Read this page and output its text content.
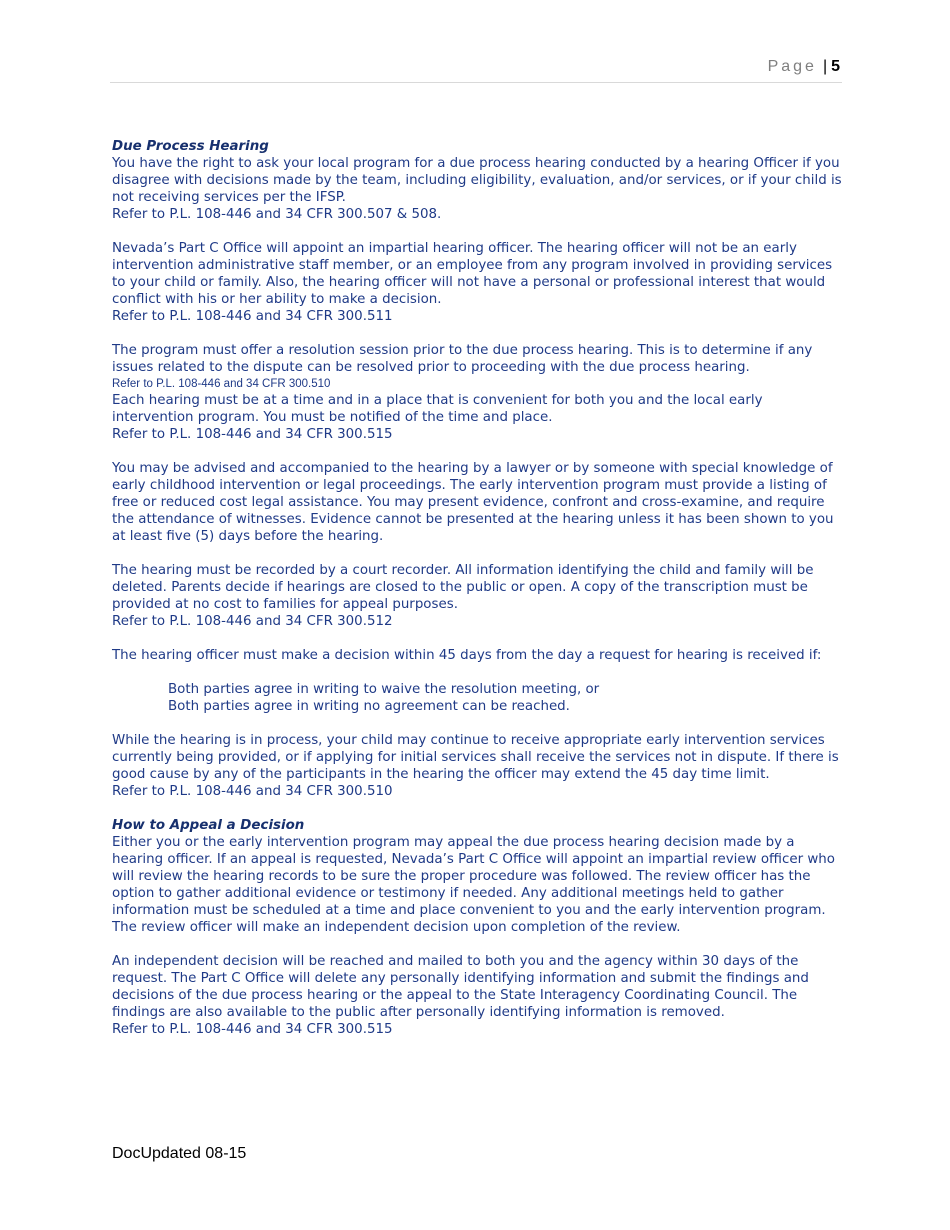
Page | 5

Due Process Hearing

You have the right to ask your local program for a due process hearing conducted by a hearing Officer if you disagree with decisions made by the team, including eligibility, evaluation, and/or services, or if your child is not receiving services per the IFSP.

Refer to P.L. 108-446 and 34 CFR 300.507 & 508.

Nevada’s Part C Office will appoint an impartial hearing officer. The hearing officer will not be an early intervention administrative staff member, or an employee from any program involved in providing services to your child or family. Also, the hearing officer will not have a personal or professional interest that would conflict with his or her ability to make a decision.

Refer to P.L. 108-446 and 34 CFR 300.511

The program must offer a resolution session prior to the due process hearing. This is to determine if any issues related to the dispute can be resolved prior to proceeding with the due process hearing.

Refer to P.L. 108-446 and 34 CFR 300.510

Each hearing must be at a time and in a place that is convenient for both you and the local early intervention program. You must be notified of the time and place.

Refer to P.L. 108-446 and 34 CFR 300.515

You may be advised and accompanied to the hearing by a lawyer or by someone with special knowledge of early childhood intervention or legal proceedings. The early intervention program must provide a listing of free or reduced cost legal assistance. You may present evidence, confront and cross-examine, and require the attendance of witnesses. Evidence cannot be presented at the hearing unless it has been shown to you at least five (5) days before the hearing.

The hearing must be recorded by a court recorder. All information identifying the child and family will be deleted. Parents decide if hearings are closed to the public or open. A copy of the transcription must be provided at no cost to families for appeal purposes.

Refer to P.L. 108-446 and 34 CFR 300.512

The hearing officer must make a decision within 45 days from the day a request for hearing is received if:

Both parties agree in writing to waive the resolution meeting, or

Both parties agree in writing no agreement can be reached.

While the hearing is in process, your child may continue to receive appropriate early intervention services currently being provided, or if applying for initial services shall receive the services not in dispute. If there is good cause by any of the participants in the hearing the officer may extend the 45 day time limit.

Refer to P.L. 108-446 and 34 CFR 300.510

How to Appeal a Decision

Either you or the early intervention program may appeal the due process hearing decision made by a hearing officer. If an appeal is requested, Nevada’s Part C Office will appoint an impartial review officer who will review the hearing records to be sure the proper procedure was followed. The review officer has the option to gather additional evidence or testimony if needed. Any additional meetings held to gather information must be scheduled at a time and place convenient to you and the early intervention program. The review officer will make an independent decision upon completion of the review.

An independent decision will be reached and mailed to both you and the agency within 30 days of the request. The Part C Office will delete any personally identifying information and submit the findings and decisions of the due process hearing or the appeal to the State Interagency Coordinating Council. The findings are also available to the public after personally identifying information is removed.

Refer to P.L. 108-446 and 34 CFR 300.515

DocUpdated 08-15
